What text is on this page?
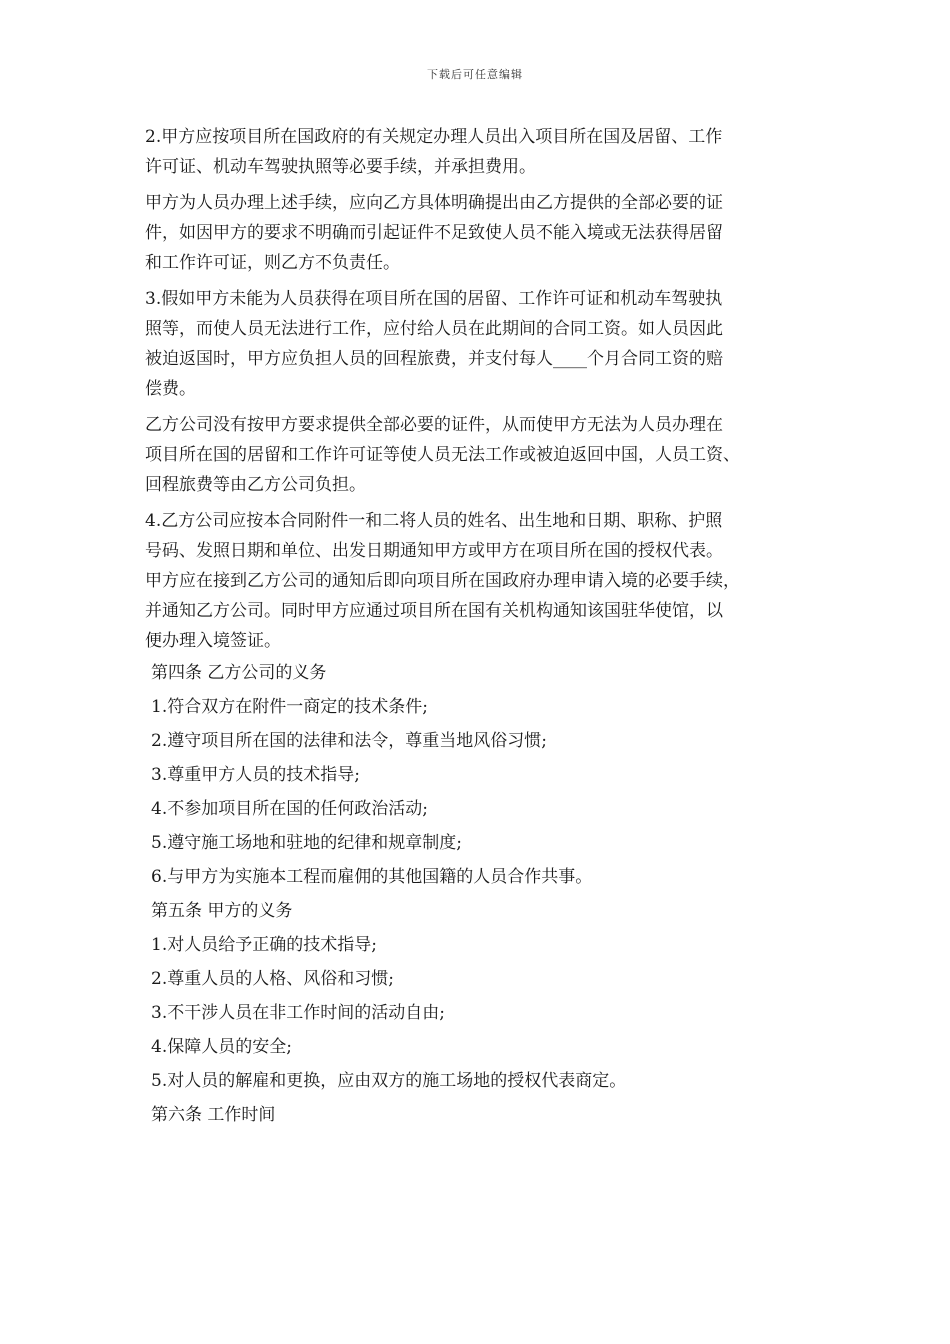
下载后可任意编辑
2.甲方应按项目所在国政府的有关规定办理人员出入项目所在国及居留、工作
许可证、机动车驾驶执照等必要手续，并承担费用。
甲方为人员办理上述手续，应向乙方具体明确提出由乙方提供的全部必要的证
件，如因甲方的要求不明确而引起证件不足致使人员不能入境或无法获得居留
和工作许可证，则乙方不负责任。
3.假如甲方未能为人员获得在项目所在国的居留、工作许可证和机动车驾驶执
照等，而使人员无法进行工作，应付给人员在此期间的合同工资。如人员因此
被迫返国时，甲方应负担人员的回程旅费，并支付每人____个月合同工资的赔
偿费。
乙方公司没有按甲方要求提供全部必要的证件，从而使甲方无法为人员办理在
项目所在国的居留和工作许可证等使人员无法工作或被迫返回中国，人员工资、
回程旅费等由乙方公司负担。
4.乙方公司应按本合同附件一和二将人员的姓名、出生地和日期、职称、护照
号码、发照日期和单位、出发日期通知甲方或甲方在项目所在国的授权代表。
甲方应在接到乙方公司的通知后即向项目所在国政府办理申请入境的必要手续，
并通知乙方公司。同时甲方应通过项目所在国有关机构通知该国驻华使馆，以
便办理入境签证。
第四条 乙方公司的义务
1.符合双方在附件一商定的技术条件;
2.遵守项目所在国的法律和法令，尊重当地风俗习惯;
3.尊重甲方人员的技术指导;
4.不参加项目所在国的任何政治活动;
5.遵守施工场地和驻地的纪律和规章制度;
6.与甲方为实施本工程而雇佣的其他国籍的人员合作共事。
第五条 甲方的义务
1.对人员给予正确的技术指导;
2.尊重人员的人格、风俗和习惯;
3.不干涉人员在非工作时间的活动自由;
4.保障人员的安全;
5.对人员的解雇和更换，应由双方的施工场地的授权代表商定。
第六条 工作时间
